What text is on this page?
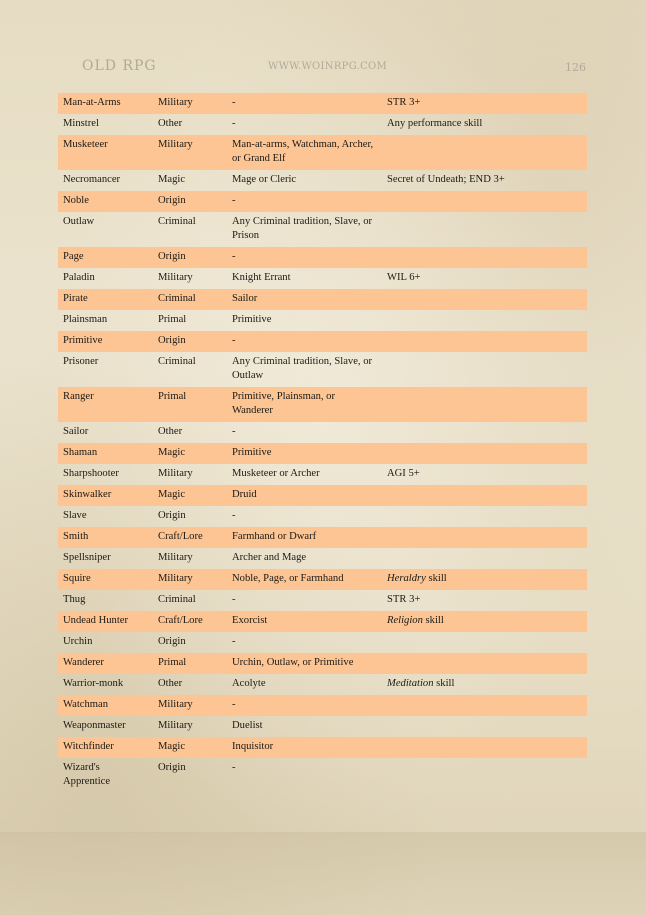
OLD RPG	WWW.WOINRPG.COM	126
Man-at-Arms	Military	-	STR 3+
Minstrel	Other	-	Any performance skill
Musketeer	Military	Man-at-arms, Watchman, Archer, or Grand Elf	
Necromancer	Magic	Mage or Cleric	Secret of Undeath; END 3+
Noble	Origin	-	
Outlaw	Criminal	Any Criminal tradition, Slave, or Prison	
Page	Origin	-	
Paladin	Military	Knight Errant	WIL 6+
Pirate	Criminal	Sailor	
Plainsman	Primal	Primitive	
Primitive	Origin	-	
Prisoner	Criminal	Any Criminal tradition, Slave, or Outlaw	
Ranger	Primal	Primitive, Plainsman, or Wanderer	
Sailor	Other	-	
Shaman	Magic	Primitive	
Sharpshooter	Military	Musketeer or Archer	AGI 5+
Skinwalker	Magic	Druid	
Slave	Origin	-	
Smith	Craft/Lore	Farmhand or Dwarf	
Spellsniper	Military	Archer and Mage	
Squire	Military	Noble, Page, or Farmhand	Heraldry skill
Thug	Criminal	-	STR 3+
Undead Hunter	Craft/Lore	Exorcist	Religion skill
Urchin	Origin	-	
Wanderer	Primal	Urchin, Outlaw, or Primitive	
Warrior-monk	Other	Acolyte	Meditation skill
Watchman	Military	-	
Weaponmaster	Military	Duelist	
Witchfinder	Magic	Inquisitor	
Wizard's Apprentice	Origin	-	
